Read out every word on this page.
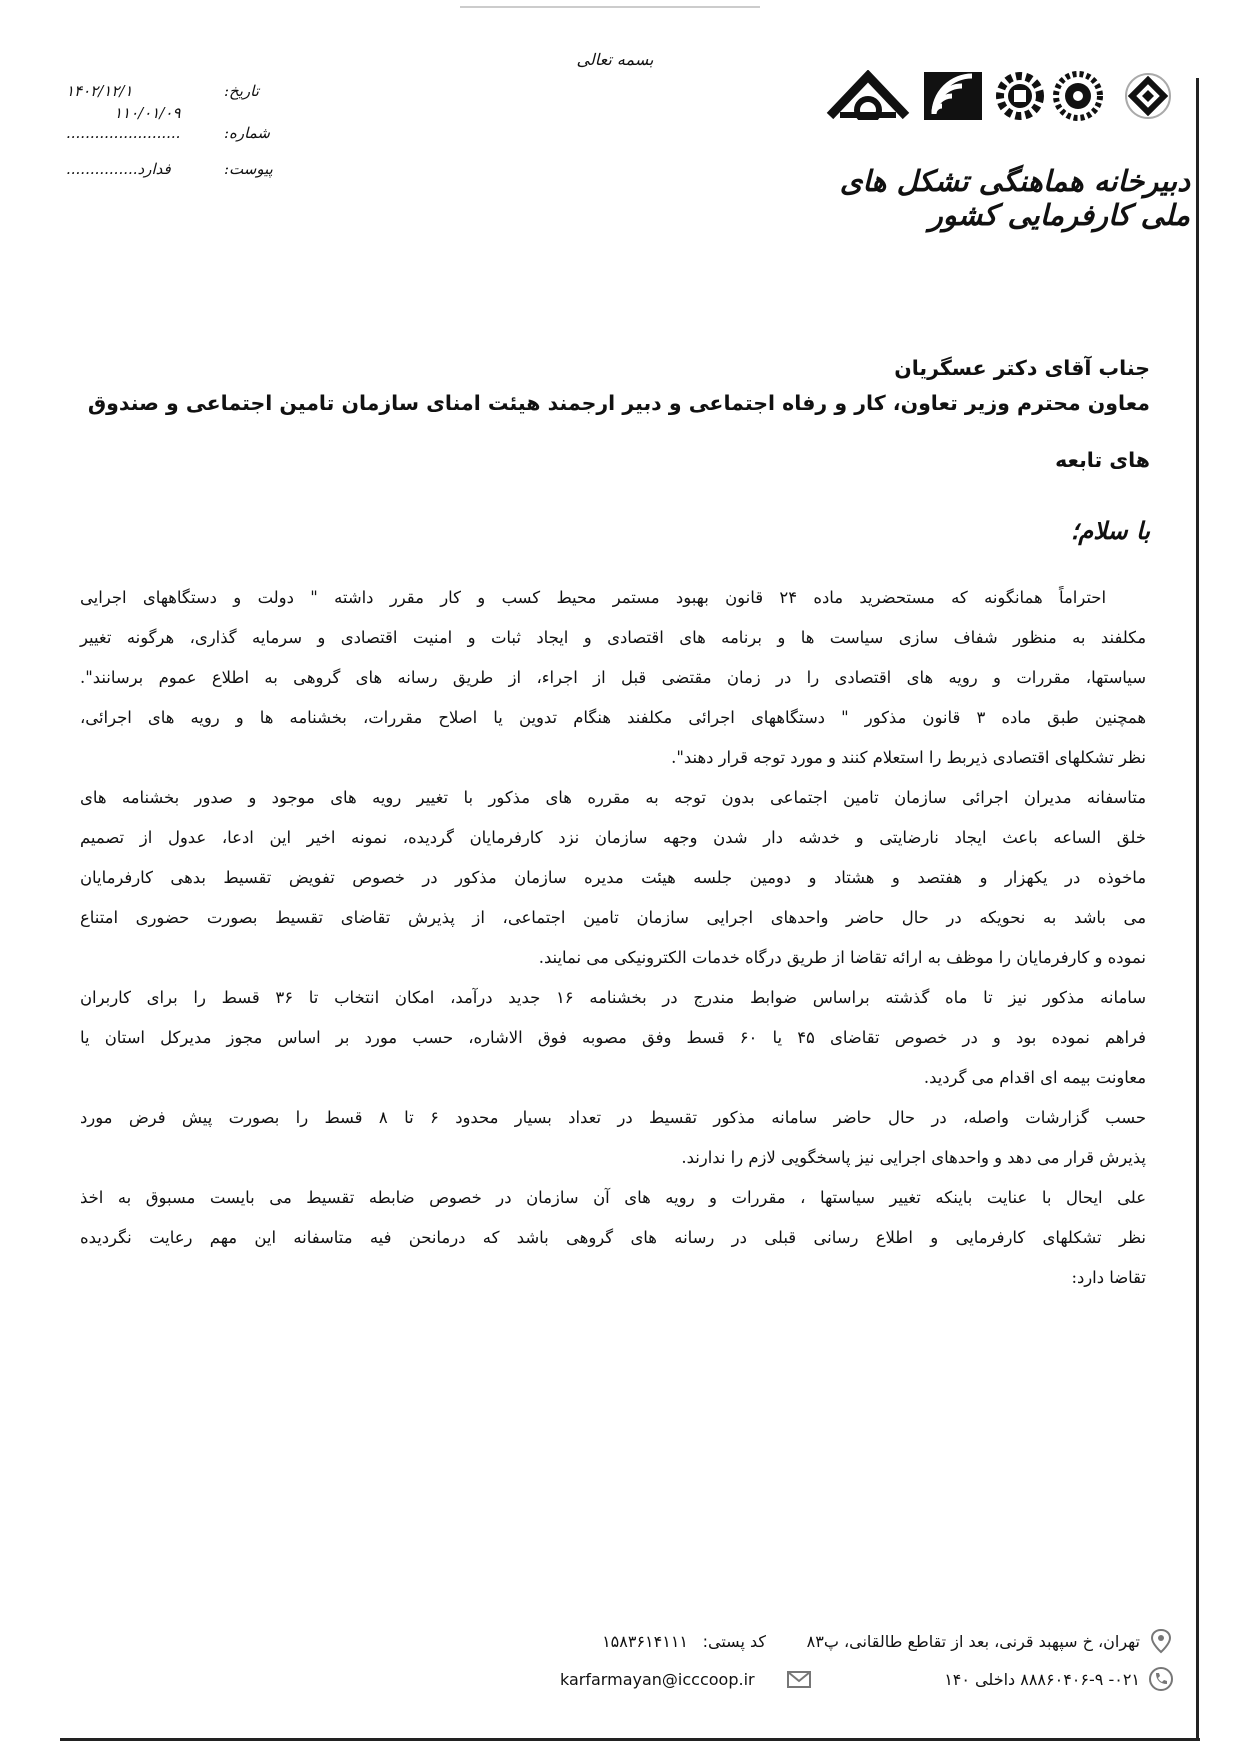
بسمه تعالی
دبیرخانه هماهنگی تشکل های ملی کارفرمایی کشور
۱۴۰۲/۱۲/۱	تاریخ:
۱۱۰/۰۱/۰۹
........................	شماره:
...............فدارد	پیوست:
جناب آقای دکتر عسگریان
معاون محترم وزیر تعاون، کار و رفاه اجتماعی و دبیر ارجمند هیئت امنای سازمان تامین اجتماعی و صندوق
های تابعه
با سلام؛
احتراماً همانگونه که مستحضرید ماده ۲۴ قانون بهبود مستمر محیط کسب و کار مقرر داشته " دولت و دستگاههای اجرایی
مکلفند به منظور شفاف سازی سیاست ها و برنامه های اقتصادی و ایجاد ثبات و امنیت اقتصادی و سرمایه گذاری، هرگونه تغییر
سیاستها، مقررات و رویه های اقتصادی را در زمان مقتضی قبل از اجراء، از طریق رسانه های گروهی به اطلاع عموم برسانند".
همچنین طبق ماده ۳ قانون مذکور " دستگاههای اجرائی مکلفند هنگام تدوین یا اصلاح مقررات، بخشنامه ها و رویه های اجرائی،
نظر تشکلهای اقتصادی ذیربط را استعلام کنند و مورد توجه قرار دهند".
متاسفانه مدیران اجرائی سازمان تامین اجتماعی بدون توجه به مقرره های مذکور با تغییر رویه های موجود و صدور بخشنامه های
خلق الساعه باعث ایجاد نارضایتی و خدشه دار شدن وجهه سازمان نزد کارفرمایان گردیده، نمونه اخیر این ادعا، عدول از تصمیم
ماخوذه در یکهزار و هفتصد و هشتاد و دومین جلسه هیئت مدیره سازمان مذکور در خصوص تفویض تقسیط بدهی کارفرمایان
می باشد به نحویکه در حال حاضر واحدهای اجرایی سازمان تامین اجتماعی، از پذیرش تقاضای تقسیط بصورت حضوری امتناع
نموده و کارفرمایان را موظف به ارائه تقاضا از طریق درگاه خدمات الکترونیکی می نمایند.
سامانه مذکور نیز تا ماه گذشته براساس ضوابط مندرج در بخشنامه ۱۶ جدید درآمد، امکان انتخاب تا ۳۶ قسط را برای کاربران
فراهم نموده بود و در خصوص تقاضای ۴۵ یا ۶۰ قسط وفق مصوبه فوق الاشاره، حسب مورد بر اساس مجوز مدیرکل استان یا
معاونت بیمه ای اقدام می گردید.
حسب گزارشات واصله، در حال حاضر سامانه مذکور تقسیط در تعداد بسیار محدود ۶ تا ۸ قسط را بصورت پیش فرض مورد
پذیرش قرار می دهد و واحدهای اجرایی نیز پاسخگویی لازم را ندارند.
علی ایحال با عنایت باینکه تغییر سیاستها ، مقررات و رویه های آن سازمان در خصوص ضابطه تقسیط می بایست مسبوق به اخذ
نظر تشکلهای کارفرمایی و اطلاع رسانی قبلی در رسانه های گروهی باشد که درمانحن فیه متاسفانه این مهم رعایت نگردیده
تقاضا دارد:
تهران، خ سپهبد قرنی، بعد از تقاطع طالقانی، پ۸۳
کد پستی:
۱۵۸۳۶۱۴۱۱۱
۰۲۱- ۸۸۸۶۰۴۰۶-۹ داخلی ۱۴۰
karfarmayan@icccoop.ir
